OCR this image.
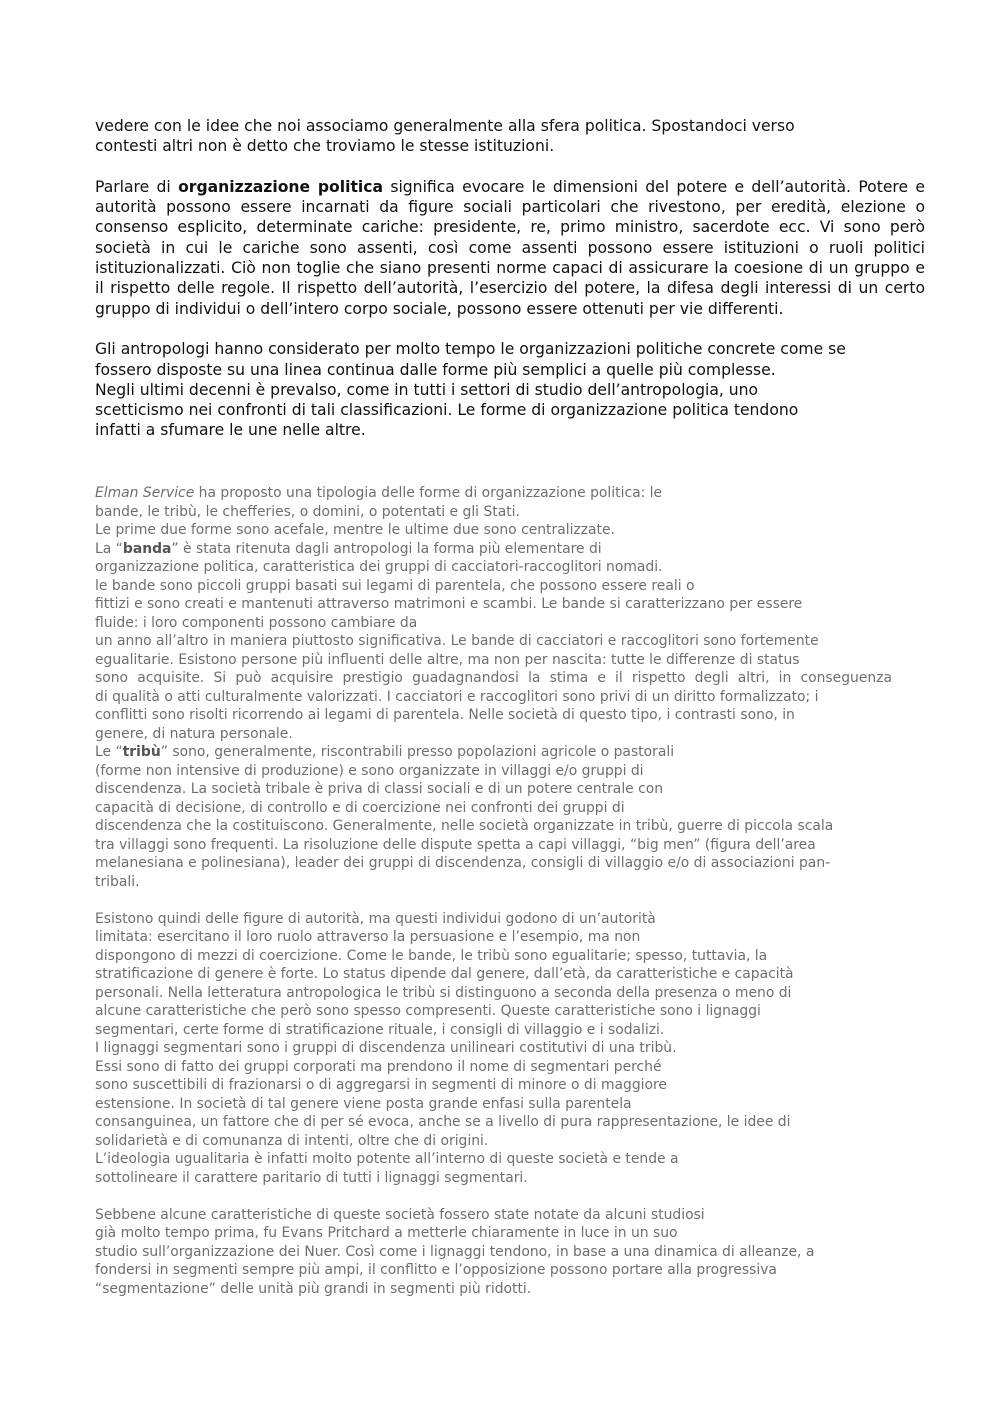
vedere con le idee che noi associamo generalmente alla sfera politica. Spostandoci verso
contesti altri non è detto che troviamo le stesse istituzioni.

Parlare di organizzazione politica significa evocare le dimensioni del potere e dell’autorità. Potere e autorità possono essere incarnati da figure sociali particolari che rivestono, per eredità, elezione o consenso esplicito, determinate cariche: presidente, re, primo ministro, sacerdote ecc. Vi sono però società in cui le cariche sono assenti, così come assenti possono essere istituzioni o ruoli politici istituzionalizzati. Ciò non toglie che siano presenti norme capaci di assicurare la coesione di un gruppo e il rispetto delle regole. Il rispetto dell’autorità, l’esercizio del potere, la difesa degli interessi di un certo gruppo di individui o dell’intero corpo sociale, possono essere ottenuti per vie differenti.

Gli antropologi hanno considerato per molto tempo le organizzazioni politiche concrete come se
fossero disposte su una linea continua dalle forme più semplici a quelle più complesse.
Negli ultimi decenni è prevalso, come in tutti i settori di studio dell’antropologia, uno
scetticismo nei confronti di tali classificazioni. Le forme di organizzazione politica tendono
infatti a sfumare le une nelle altre.

Elman Service ha proposto una tipologia delle forme di organizzazione politica: le
bande, le tribù, le chefferies, o domini, o potentati e gli Stati.
Le prime due forme sono acefale, mentre le ultime due sono centralizzate.
La “banda” è stata ritenuta dagli antropologi la forma più elementare di
organizzazione politica, caratteristica dei gruppi di cacciatori-raccoglitori nomadi.
le bande sono piccoli gruppi basati sui legami di parentela, che possono essere reali o
fittizi e sono creati e mantenuti attraverso matrimoni e scambi. Le bande si caratterizzano per essere
fluide: i loro componenti possono cambiare da
un anno all’altro in maniera piuttosto significativa. Le bande di cacciatori e raccoglitori sono fortemente
egualitarie. Esistono persone più influenti delle altre, ma non per nascita: tutte le differenze di status
sono acquisite. Si può acquisire prestigio guadagnandosi la stima e il rispetto degli altri, in conseguenza
di qualità o atti culturalmente valorizzati. I cacciatori e raccoglitori sono privi di un diritto formalizzato; i
conflitti sono risolti ricorrendo ai legami di parentela. Nelle società di questo tipo, i contrasti sono, in
genere, di natura personale.
Le “tribù” sono, generalmente, riscontrabili presso popolazioni agricole o pastorali
(forme non intensive di produzione) e sono organizzate in villaggi e/o gruppi di
discendenza. La società tribale è priva di classi sociali e di un potere centrale con
capacità di decisione, di controllo e di coercizione nei confronti dei gruppi di
discendenza che la costituiscono. Generalmente, nelle società organizzate in tribù, guerre di piccola scala
tra villaggi sono frequenti. La risoluzione delle dispute spetta a capi villaggi, “big men” (figura dell’area
melanesiana e polinesiana), leader dei gruppi di discendenza, consigli di villaggio e/o di associazioni pan-
tribali.

Esistono quindi delle figure di autorità, ma questi individui godono di un’autorità
limitata: esercitano il loro ruolo attraverso la persuasione e l’esempio, ma non
dispongono di mezzi di coercizione. Come le bande, le tribù sono egualitarie; spesso, tuttavia, la
stratificazione di genere è forte. Lo status dipende dal genere, dall’età, da caratteristiche e capacità
personali. Nella letteratura antropologica le tribù si distinguono a seconda della presenza o meno di
alcune caratteristiche che però sono spesso compresenti. Queste caratteristiche sono i lignaggi
segmentari, certe forme di stratificazione rituale, i consigli di villaggio e i sodalizi.
I lignaggi segmentari sono i gruppi di discendenza unilineari costitutivi di una tribù.
Essi sono di fatto dei gruppi corporati ma prendono il nome di segmentari perché
sono suscettibili di frazionarsi o di aggregarsi in segmenti di minore o di maggiore
estensione. In società di tal genere viene posta grande enfasi sulla parentela
consanguinea, un fattore che di per sé evoca, anche se a livello di pura rappresentazione, le idee di
solidarietà e di comunanza di intenti, oltre che di origini.
L’ideologia ugualitaria è infatti molto potente all’interno di queste società e tende a
sottolineare il carattere paritario di tutti i lignaggi segmentari.

Sebbene alcune caratteristiche di queste società fossero state notate da alcuni studiosi
già molto tempo prima, fu Evans Pritchard a metterle chiaramente in luce in un suo
studio sull’organizzazione dei Nuer. Così come i lignaggi tendono, in base a una dinamica di alleanze, a
fondersi in segmenti sempre più ampi, il conflitto e l’opposizione possono portare alla progressiva
“segmentazione” delle unità più grandi in segmenti più ridotti.
